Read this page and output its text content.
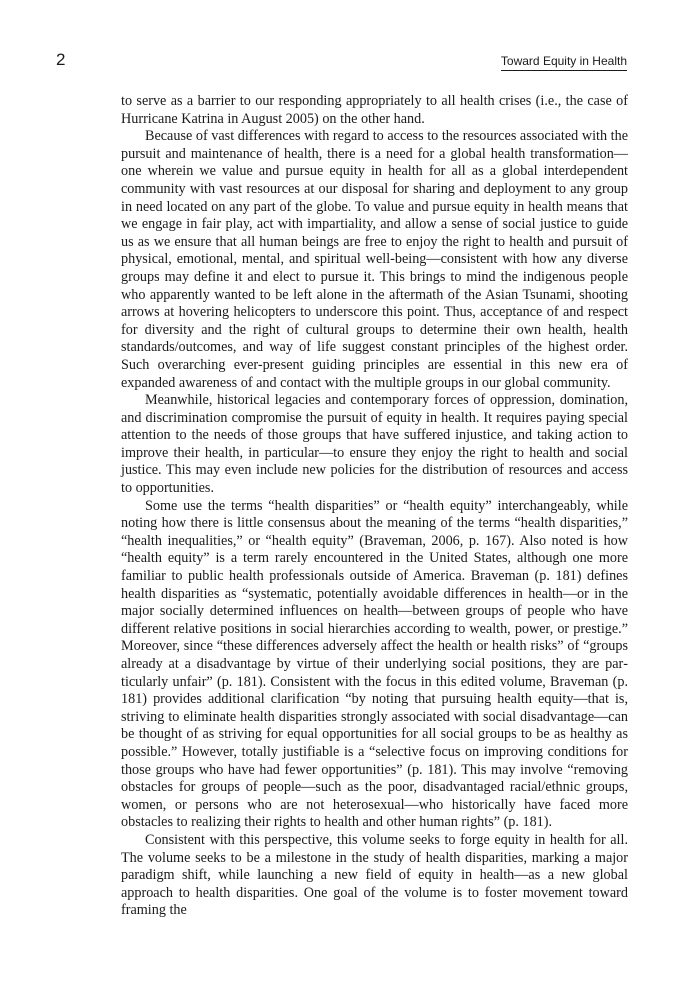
2	Toward Equity in Health

to serve as a barrier to our responding appropriately to all health crises (i.e., the case of Hurricane Katrina in August 2005) on the other hand.

Because of vast differences with regard to access to the resources associated with the pursuit and maintenance of health, there is a need for a global health transformation—one wherein we value and pursue equity in health for all as a global interdependent community with vast resources at our disposal for sharing and deployment to any group in need located on any part of the globe. To value and pursue equity in health means that we engage in fair play, act with impartiality, and allow a sense of social justice to guide us as we ensure that all human beings are free to enjoy the right to health and pursuit of physical, emotional, mental, and spiritual well-being—consistent with how any diverse groups may define it and elect to pursue it. This brings to mind the indigenous people who apparently wanted to be left alone in the aftermath of the Asian Tsunami, shooting arrows at hovering helicopters to underscore this point. Thus, acceptance of and respect for diversity and the right of cultural groups to determine their own health, health standards/outcomes, and way of life suggest constant principles of the highest order. Such overarching ever-present guiding principles are essential in this new era of expanded awareness of and contact with the multiple groups in our global community.

Meanwhile, historical legacies and contemporary forces of oppression, domination, and discrimination compromise the pursuit of equity in health. It requires paying special attention to the needs of those groups that have suffered injustice, and taking action to improve their health, in particular—to ensure they enjoy the right to health and social justice. This may even include new policies for the distribution of resources and access to opportunities.

Some use the terms “health disparities” or “health equity” interchangeably, while noting how there is little consensus about the meaning of the terms “health disparities,” “health inequalities,” or “health equity” (Braveman, 2006, p. 167). Also noted is how “health equity” is a term rarely encountered in the United States, although one more familiar to public health professionals outside of America. Braveman (p. 181) defines health disparities as “systematic, potentially avoidable differences in health—or in the major socially determined influences on health—between groups of people who have different relative positions in social hierarchies according to wealth, power, or prestige.” Moreover, since “these differences adversely affect the health or health risks” of “groups already at a disadvantage by virtue of their underlying social positions, they are particularly unfair” (p. 181). Consistent with the focus in this edited volume, Braveman (p. 181) provides additional clarification “by noting that pursuing health equity—that is, striving to eliminate health disparities strongly associated with social disadvantage—can be thought of as striving for equal opportunities for all social groups to be as healthy as possible.” However, totally justifiable is a “selective focus on improving conditions for those groups who have had fewer opportunities” (p. 181). This may involve “removing obstacles for groups of people—such as the poor, disadvantaged racial/ethnic groups, women, or persons who are not heterosexual—who historically have faced more obstacles to realizing their rights to health and other human rights” (p. 181).

Consistent with this perspective, this volume seeks to forge equity in health for all. The volume seeks to be a milestone in the study of health disparities, marking a major paradigm shift, while launching a new field of equity in health—as a new global approach to health disparities. One goal of the volume is to foster movement toward framing the
